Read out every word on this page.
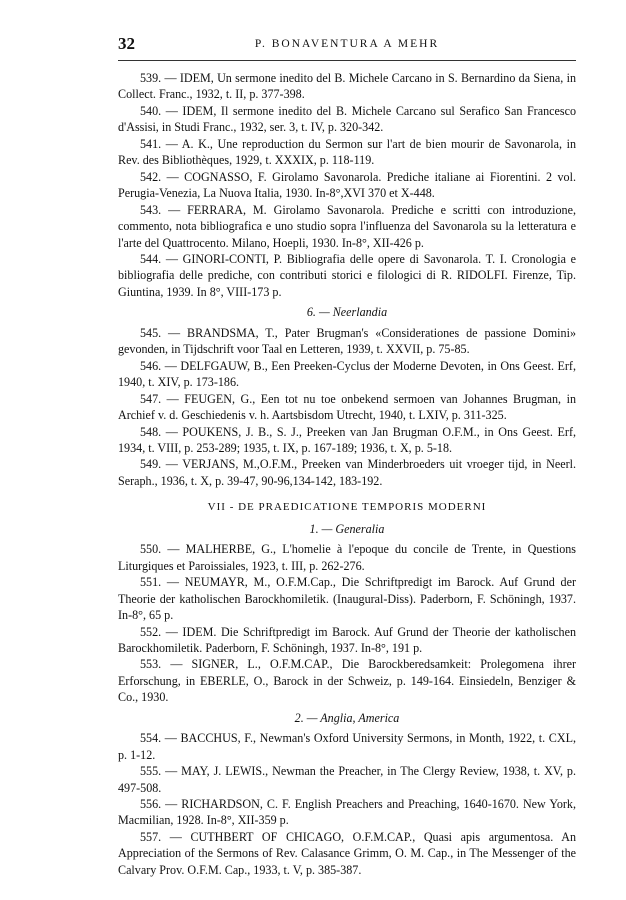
32	P. BONAVENTURA A MEHR

539. — IDEM, Un sermone inedito del B. Michele Carcano in S. Bernardino da Siena, in Collect. Franc., 1932, t. II, p. 377-398.

540. — IDEM, Il sermone inedito del B. Michele Carcano sul Serafico San Francesco d'Assisi, in Studi Franc., 1932, ser. 3, t. IV, p. 320-342.

541. — A. K., Une reproduction du Sermon sur l'art de bien mourir de Savonarola, in Rev. des Bibliothèques, 1929, t. XXXIX, p. 118-119.

542. — COGNASSO, F. Girolamo Savonarola. Prediche italiane ai Fiorentini. 2 vol. Perugia-Venezia, La Nuova Italia, 1930. In-8°,XVI 370 et X-448.

543. — FERRARA, M. Girolamo Savonarola. Prediche e scritti con introduzione, commento, nota bibliografica e uno studio sopra l'influenza del Savonarola su la letteratura e l'arte del Quattrocento. Milano, Hoepli, 1930. In-8°, XII-426 p.

544. — GINORI-CONTI, P. Bibliografia delle opere di Savonarola. T. I. Cronologia e bibliografia delle prediche, con contributi storici e filologici di R. RIDOLFI. Firenze, Tip. Giuntina, 1939. In 8°, VIII-173 p.

6. — Neerlandia

545. — BRANDSMA, T., Pater Brugman's «Considerationes de passione Domini» gevonden, in Tijdschrift voor Taal en Letteren, 1939, t. XXVII, p. 75-85.

546. — DELFGAUW, B., Een Preeken-Cyclus der Moderne Devoten, in Ons Geest. Erf, 1940, t. XIV, p. 173-186.

547. — FEUGEN, G., Een tot nu toe onbekend sermoen van Johannes Brugman, in Archief v. d. Geschiedenis v. h. Aartsbisdom Utrecht, 1940, t. LXIV, p. 311-325.

548. — POUKENS, J. B., S. J., Preeken van Jan Brugman O.F.M., in Ons Geest. Erf, 1934, t. VIII, p. 253-289; 1935, t. IX, p. 167-189; 1936, t. X, p. 5-18.

549. — VERJANS, M.,O.F.M., Preeken van Minderbroeders uit vroeger tijd, in Neerl. Seraph., 1936, t. X, p. 39-47, 90-96,134-142, 183-192.

VII - DE PRAEDICATIONE TEMPORIS MODERNI
1. — Generalia

550. — MALHERBE, G., L'homelie à l'epoque du concile de Trente, in Questions Liturgiques et Paroissiales, 1923, t. III, p. 262-276.

551. — NEUMAYR, M., O.F.M.Cap., Die Schriftpredigt im Barock. Auf Grund der Theorie der katholischen Barockhomiletik. (Inaugural-Diss). Paderborn, F. Schöningh, 1937. In-8°, 65 p.

552. — IDEM. Die Schriftpredigt im Barock. Auf Grund der Theorie der katholischen Barockhomiletik. Paderborn, F. Schöningh, 1937. In-8°, 191 p.

553. — SIGNER, L., O.F.M.CAP., Die Barockberedsamkeit: Prolegomena ihrer Erforschung, in EBERLE, O., Barock in der Schweiz, p. 149-164. Einsiedeln, Benziger & Co., 1930.

2. — Anglia, America

554. — BACCHUS, F., Newman's Oxford University Sermons, in Month, 1922, t. CXL, p. 1-12.

555. — MAY, J. LEWIS., Newman the Preacher, in The Clergy Review, 1938, t. XV, p. 497-508.

556. — RICHARDSON, C. F. English Preachers and Preaching, 1640-1670. New York, Macmilian, 1928. In-8°, XII-359 p.

557. — CUTHBERT OF CHICAGO, O.F.M.CAP., Quasi apis argumentosa. An Appreciation of the Sermons of Rev. Calasance Grimm, O. M. Cap., in The Messenger of the Calvary Prov. O.F.M. Cap., 1933, t. V, p. 385-387.
